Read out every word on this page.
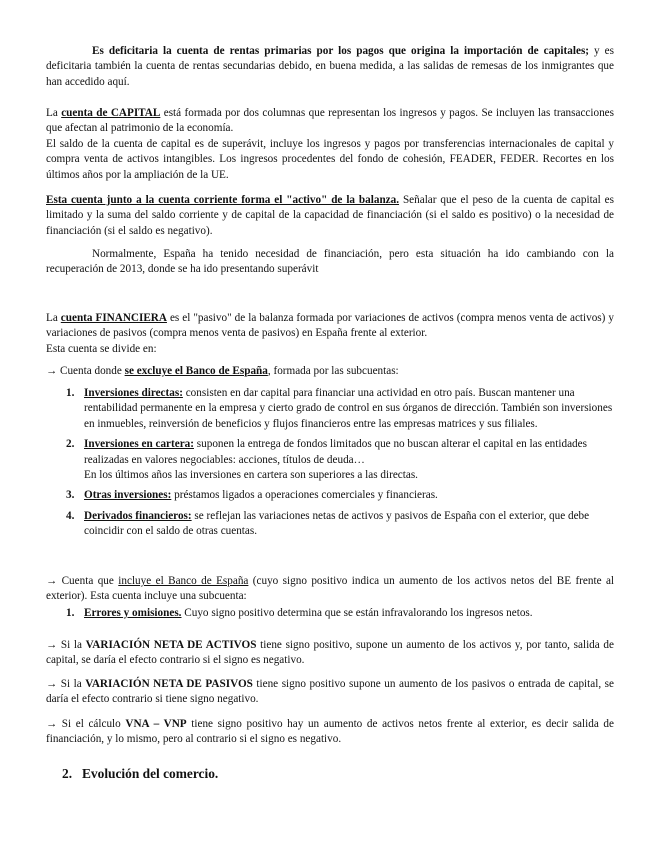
Es deficitaria la cuenta de rentas primarias por los pagos que origina la importación de capitales; y es deficitaria también la cuenta de rentas secundarias debido, en buena medida, a las salidas de remesas de los inmigrantes que han accedido aquí.

La cuenta de CAPITAL está formada por dos columnas que representan los ingresos y pagos. Se incluyen las transacciones que afectan al patrimonio de la economía.
El saldo de la cuenta de capital es de superávit, incluye los ingresos y pagos por transferencias internacionales de capital y compra venta de activos intangibles. Los ingresos procedentes del fondo de cohesión, FEADER, FEDER. Recortes en los últimos años por la ampliación de la UE.

Esta cuenta junto a la cuenta corriente forma el "activo" de la balanza. Señalar que el peso de la cuenta de capital es limitado y la suma del saldo corriente y de capital de la capacidad de financiación (si el saldo es positivo) o la necesidad de financiación (si el saldo es negativo).

Normalmente, España ha tenido necesidad de financiación, pero esta situación ha ido cambiando con la recuperación de 2013, donde se ha ido presentando superávit

La cuenta FINANCIERA es el "pasivo" de la balanza formada por variaciones de activos (compra menos venta de activos) y variaciones de pasivos (compra menos venta de pasivos) en España frente al exterior.
Esta cuenta se divide en:

→ Cuenta donde se excluye el Banco de España, formada por las subcuentas:

1. Inversiones directas: consisten en dar capital para financiar una actividad en otro país. Buscan mantener una rentabilidad permanente en la empresa y cierto grado de control en sus órganos de dirección. También son inversiones en inmuebles, reinversión de beneficios y flujos financieros entre las empresas matrices y sus filiales.
2. Inversiones en cartera: suponen la entrega de fondos limitados que no buscan alterar el capital en las entidades realizadas en valores negociables: acciones, títulos de deuda…
En los últimos años las inversiones en cartera son superiores a las directas.
3. Otras inversiones: préstamos ligados a operaciones comerciales y financieras.
4. Derivados financieros: se reflejan las variaciones netas de activos y pasivos de España con el exterior, que debe coincidir con el saldo de otras cuentas.

→ Cuenta que incluye el Banco de España (cuyo signo positivo indica un aumento de los activos netos del BE frente al exterior). Esta cuenta incluye una subcuenta:

1. Errores y omisiones. Cuyo signo positivo determina que se están infravalorando los ingresos netos.

→ Si la VARIACIÓN NETA DE ACTIVOS tiene signo positivo, supone un aumento de los activos y, por tanto, salida de capital, se daría el efecto contrario si el signo es negativo.

→ Si la VARIACIÓN NETA DE PASIVOS tiene signo positivo supone un aumento de los pasivos o entrada de capital, se daría el efecto contrario si tiene signo negativo.

→ Si el cálculo VNA – VNP tiene signo positivo hay un aumento de activos netos frente al exterior, es decir salida de financiación, y lo mismo, pero al contrario si el signo es negativo.

2. Evolución del comercio.
